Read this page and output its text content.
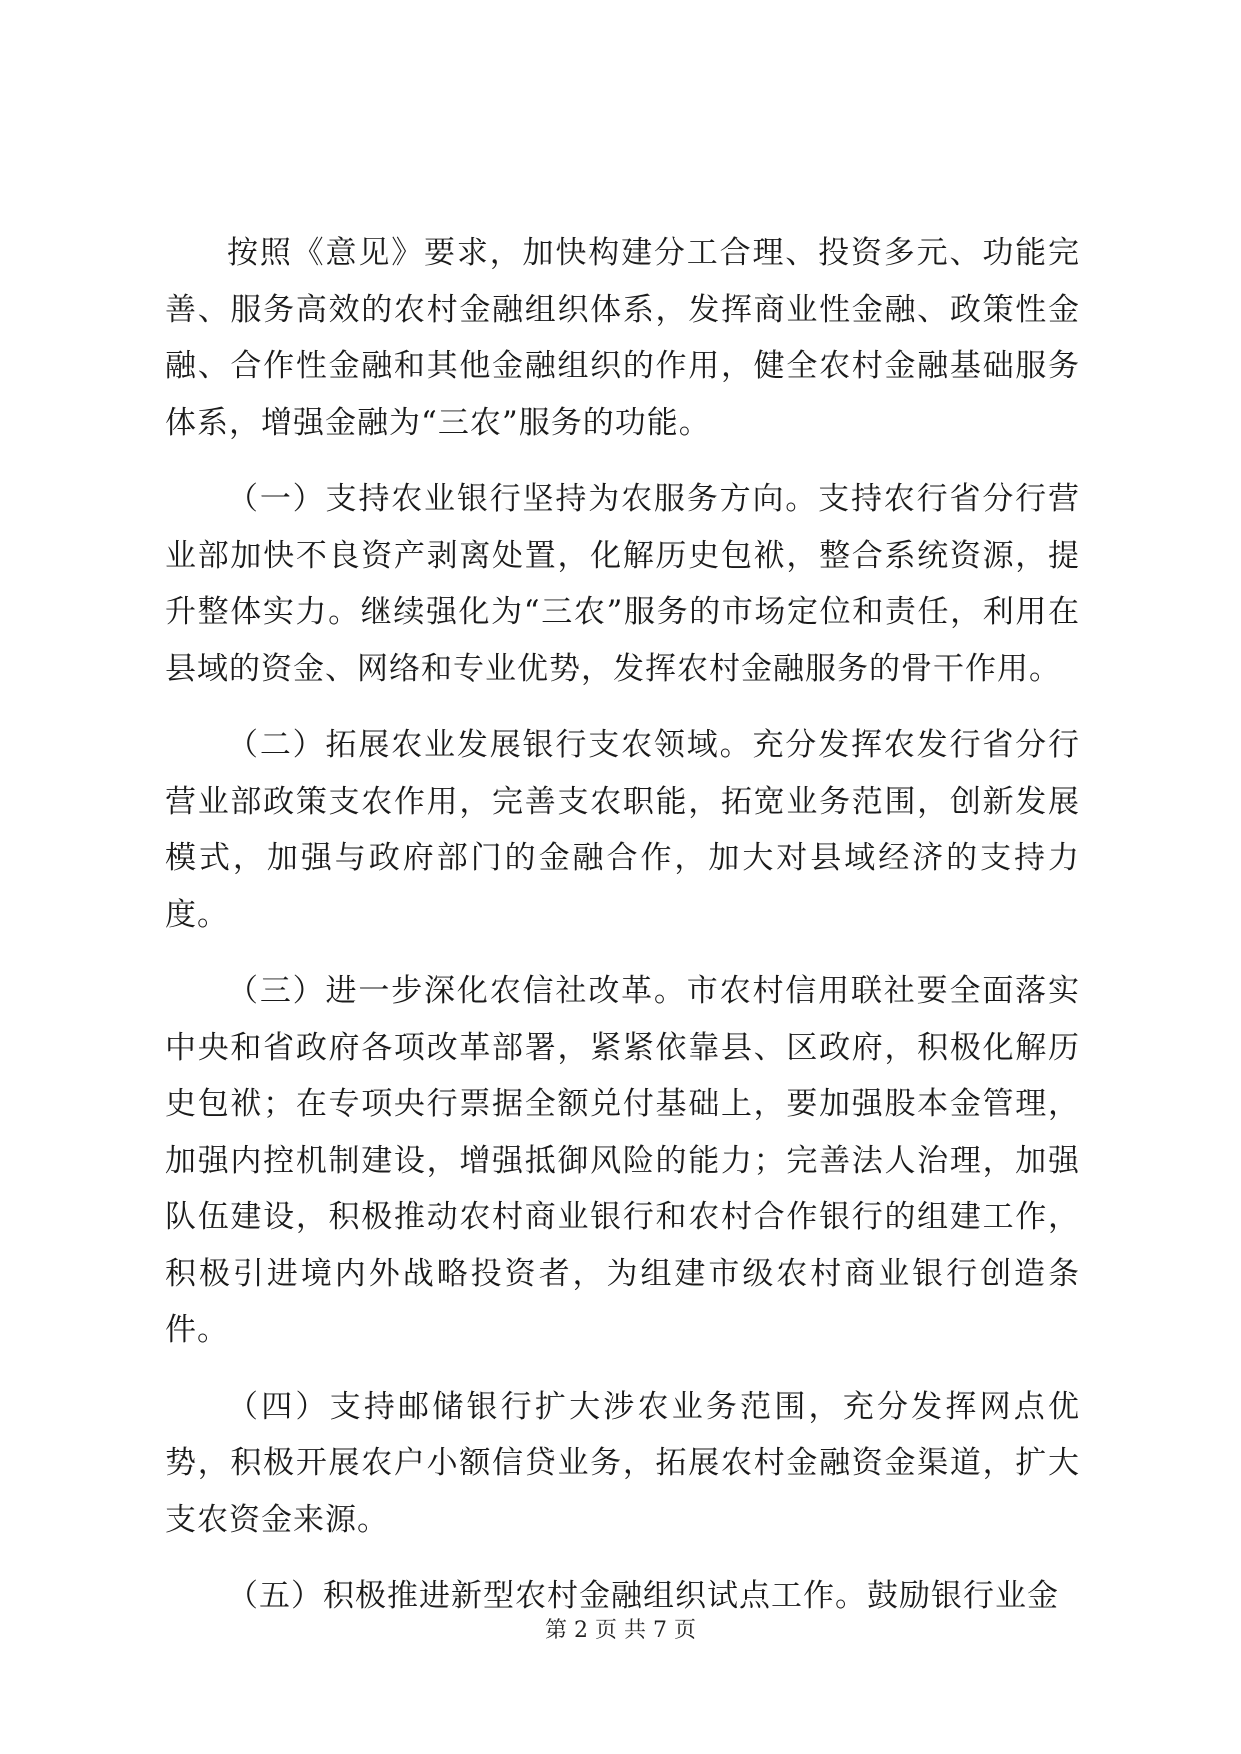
按照《意见》要求，加快构建分工合理、投资多元、功能完善、服务高效的农村金融组织体系，发挥商业性金融、政策性金融、合作性金融和其他金融组织的作用，健全农村金融基础服务体系，增强金融为“三农”服务的功能。

（一）支持农业银行坚持为农服务方向。支持农行省分行营业部加快不良资产剥离处置，化解历史包袱，整合系统资源，提升整体实力。继续强化为“三农”服务的市场定位和责任，利用在县域的资金、网络和专业优势，发挥农村金融服务的骨干作用。

（二）拓展农业发展银行支农领域。充分发挥农发行省分行营业部政策支农作用，完善支农职能，拓宽业务范围，创新发展模式，加强与政府部门的金融合作，加大对县域经济的支持力度。

（三）进一步深化农信社改革。市农村信用联社要全面落实中央和省政府各项改革部署，紧紧依靠县、区政府，积极化解历史包袱；在专项央行票据全额兑付基础上，要加强股本金管理，加强内控机制建设，增强抵御风险的能力；完善法人治理，加强队伍建设，积极推动农村商业银行和农村合作银行的组建工作，积极引进境内外战略投资者，为组建市级农村商业银行创造条件。

（四）支持邮储银行扩大涉农业务范围，充分发挥网点优势，积极开展农户小额信贷业务，拓展农村金融资金渠道，扩大支农资金来源。

（五）积极推进新型农村金融组织试点工作。鼓励银行业金

第 2 页 共 7 页
